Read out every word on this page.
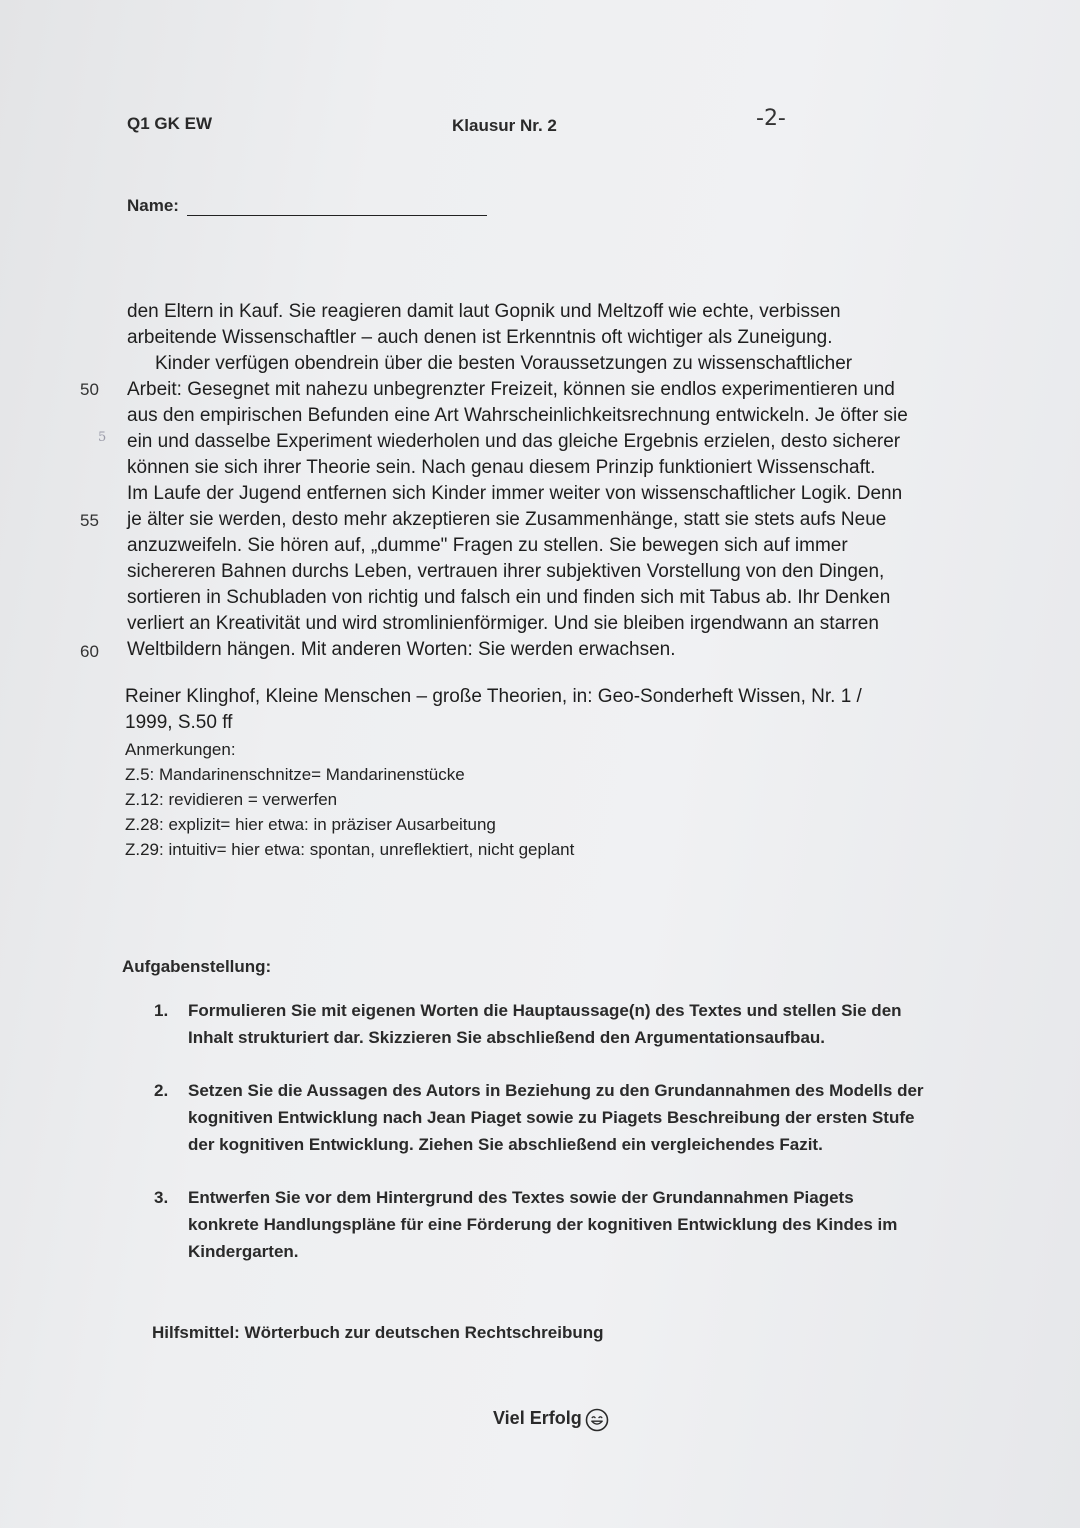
Q1 GK EW	Klausur Nr. 2	-2-
Name:
50
5
55
60
den Eltern in Kauf. Sie reagieren damit laut Gopnik und Meltzoff wie echte, verbissen
arbeitende Wissenschaftler – auch denen ist Erkenntnis oft wichtiger als Zuneigung.
Kinder verfügen obendrein über die besten Voraussetzungen zu wissenschaftlicher
Arbeit: Gesegnet mit nahezu unbegrenzter Freizeit, können sie endlos experimentieren und
aus den empirischen Befunden eine Art Wahrscheinlichkeitsrechnung entwickeln. Je öfter sie
ein und dasselbe Experiment wiederholen und das gleiche Ergebnis erzielen, desto sicherer
können sie sich ihrer Theorie sein. Nach genau diesem Prinzip funktioniert Wissenschaft.
Im Laufe der Jugend entfernen sich Kinder immer weiter von wissenschaftlicher Logik. Denn
je älter sie werden, desto mehr akzeptieren sie Zusammenhänge, statt sie stets aufs Neue
anzuzweifeln. Sie hören auf, „dumme" Fragen zu stellen. Sie bewegen sich auf immer
sichereren Bahnen durchs Leben, vertrauen ihrer subjektiven Vorstellung von den Dingen,
sortieren in Schubladen von richtig und falsch ein und finden sich mit Tabus ab. Ihr Denken
verliert an Kreativität und wird stromlinienförmiger. Und sie bleiben irgendwann an starren
Weltbildern hängen. Mit anderen Worten: Sie werden erwachsen.
Reiner Klinghof, Kleine Menschen – große Theorien, in: Geo-Sonderheft Wissen, Nr. 1 /
1999, S.50 ff
Anmerkungen:
Z.5: Mandarinenschnitze= Mandarinenstücke
Z.12: revidieren = verwerfen
Z.28: explizit= hier etwa: in präziser Ausarbeitung
Z.29: intuitiv= hier etwa: spontan, unreflektiert, nicht geplant
Aufgabenstellung:
1. Formulieren Sie mit eigenen Worten die Hauptaussage(n) des Textes und stellen Sie den
Inhalt strukturiert dar. Skizzieren Sie abschließend den Argumentationsaufbau.
2. Setzen Sie die Aussagen des Autors in Beziehung zu den Grundannahmen des Modells der
kognitiven Entwicklung nach Jean Piaget sowie zu Piagets Beschreibung der ersten Stufe
der kognitiven Entwicklung. Ziehen Sie abschließend ein vergleichendes Fazit.
3. Entwerfen Sie vor dem Hintergrund des Textes sowie der Grundannahmen Piagets
konkrete Handlungspläne für eine Förderung der kognitiven Entwicklung des Kindes im
Kindergarten.
Hilfsmittel: Wörterbuch zur deutschen Rechtschreibung
Viel Erfolg
